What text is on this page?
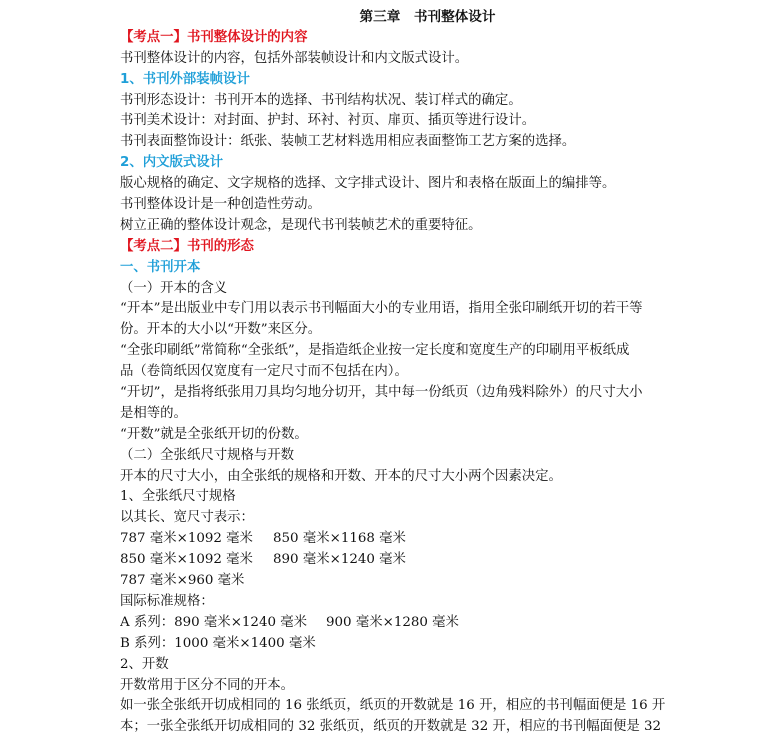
第三章　书刊整体设计
【考点一】书刊整体设计的内容
书刊整体设计的内容，包括外部装帧设计和内文版式设计。
1、书刊外部装帧设计
书刊形态设计：书刊开本的选择、书刊结构状况、装订样式的确定。
书刊美术设计：对封面、护封、环衬、衬页、扉页、插页等进行设计。
书刊表面整饰设计：纸张、装帧工艺材料选用相应表面整饰工艺方案的选择。
2、内文版式设计
版心规格的确定、文字规格的选择、文字排式设计、图片和表格在版面上的编排等。
书刊整体设计是一种创造性劳动。
树立正确的整体设计观念，是现代书刊装帧艺术的重要特征。
【考点二】书刊的形态
一、书刊开本
（一）开本的含义
“开本”是出版业中专门用以表示书刊幅面大小的专业用语，指用全张印刷纸开切的若干等
份。开本的大小以“开数”来区分。
“全张印刷纸”常简称“全张纸”，是指造纸企业按一定长度和宽度生产的印刷用平板纸成
品（卷筒纸因仅宽度有一定尺寸而不包括在内）。
“开切”，是指将纸张用刀具均匀地分切开，其中每一份纸页（边角残料除外）的尺寸大小
是相等的。
“开数”就是全张纸开切的份数。
（二）全张纸尺寸规格与开数
开本的尺寸大小，由全张纸的规格和开数、开本的尺寸大小两个因素决定。
1、全张纸尺寸规格
以其长、宽尺寸表示：
787 毫米×1092 毫米 850 毫米×1168 毫米
850 毫米×1092 毫米 890 毫米×1240 毫米
787 毫米×960 毫米
国际标准规格：
A 系列：890 毫米×1240 毫米 900 毫米×1280 毫米
B 系列：1000 毫米×1400 毫米
2、开数
开数常用于区分不同的开本。
如一张全张纸开切成相同的 16 张纸页，纸页的开数就是 16 开，相应的书刊幅面便是 16 开
本；一张全张纸开切成相同的 32 张纸页，纸页的开数就是 32 开，相应的书刊幅面便是 32
